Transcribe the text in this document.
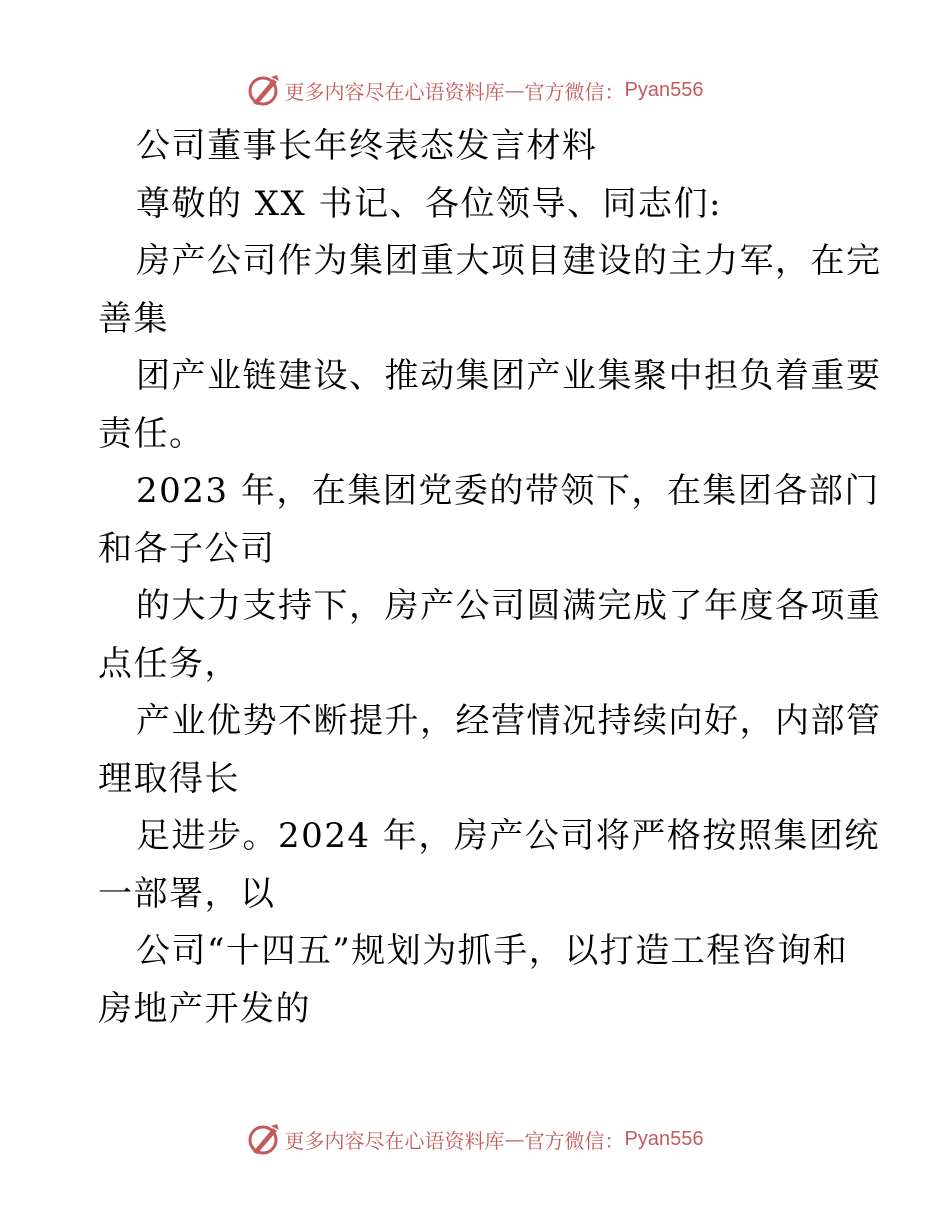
更多内容尽在心语资料库 — 官方微信： Pyan556
公司董事长年终表态发言材料
尊敬的 XX 书记、各位领导、同志们:
房产公司作为集团重大项目建设的主力军，在完
善集
团产业链建设、推动集团产业集聚中担负着重要
责任。
2023 年，在集团党委的带领下，在集团各部门
和各子公司
的大力支持下，房产公司圆满完成了年度各项重
点任务，
产业优势不断提升，经营情况持续向好，内部管
理取得长
足进步。2024 年，房产公司将严格按照集团统
一部署，以
公司“十四五”规划为抓手，以打造工程咨询和
房地产开发的
更多内容尽在心语资料库 — 官方微信： Pyan556
